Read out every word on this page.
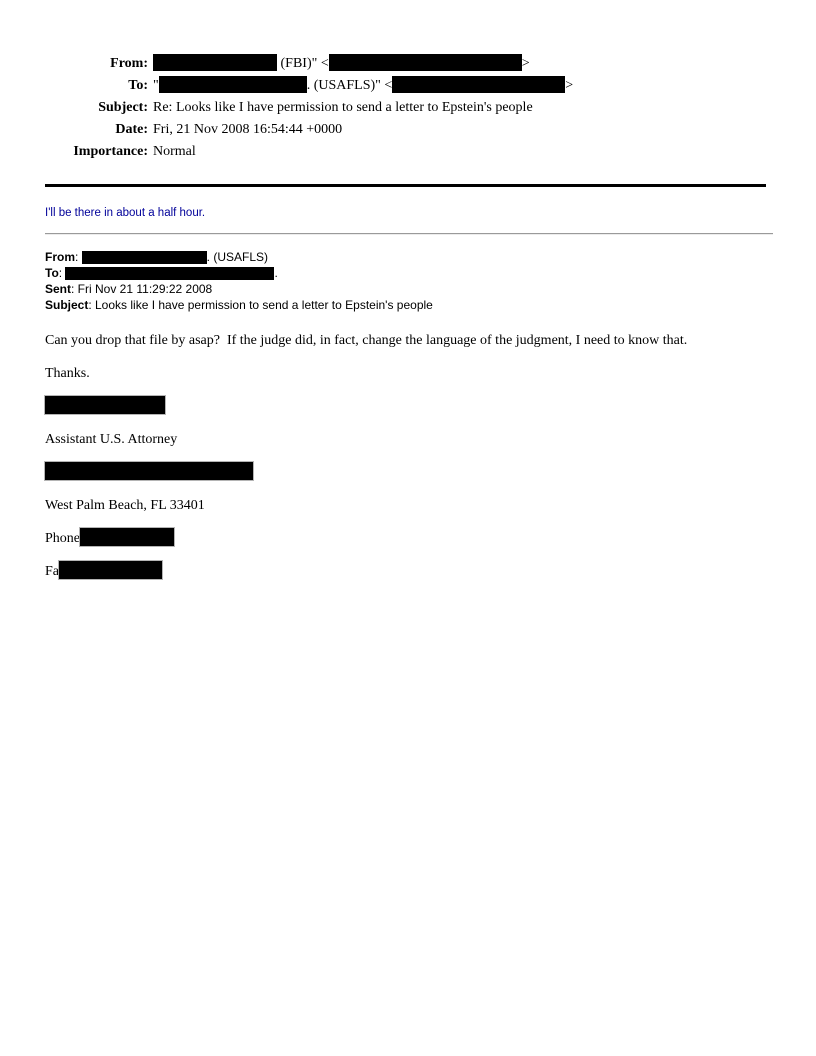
From:	(FBI)" <	>
To: "	. (USAFLS)" <	>
Subject: Re: Looks like I have permission to send a letter to Epstein's people
Date: Fri, 21 Nov 2008 16:54:44 +0000
Importance: Normal
I'll be there in about a half hour.
From:	. (USAFLS)
To:	.
Sent: Fri Nov 21 11:29:22 2008
Subject: Looks like I have permission to send a letter to Epstein's people

Can you drop that file by asap?  If the judge did, in fact, change the language of the judgment, I need to know that.

Thanks.

Assistant U.S. Attorney

West Palm Beach, FL 33401

Phone

Fa
